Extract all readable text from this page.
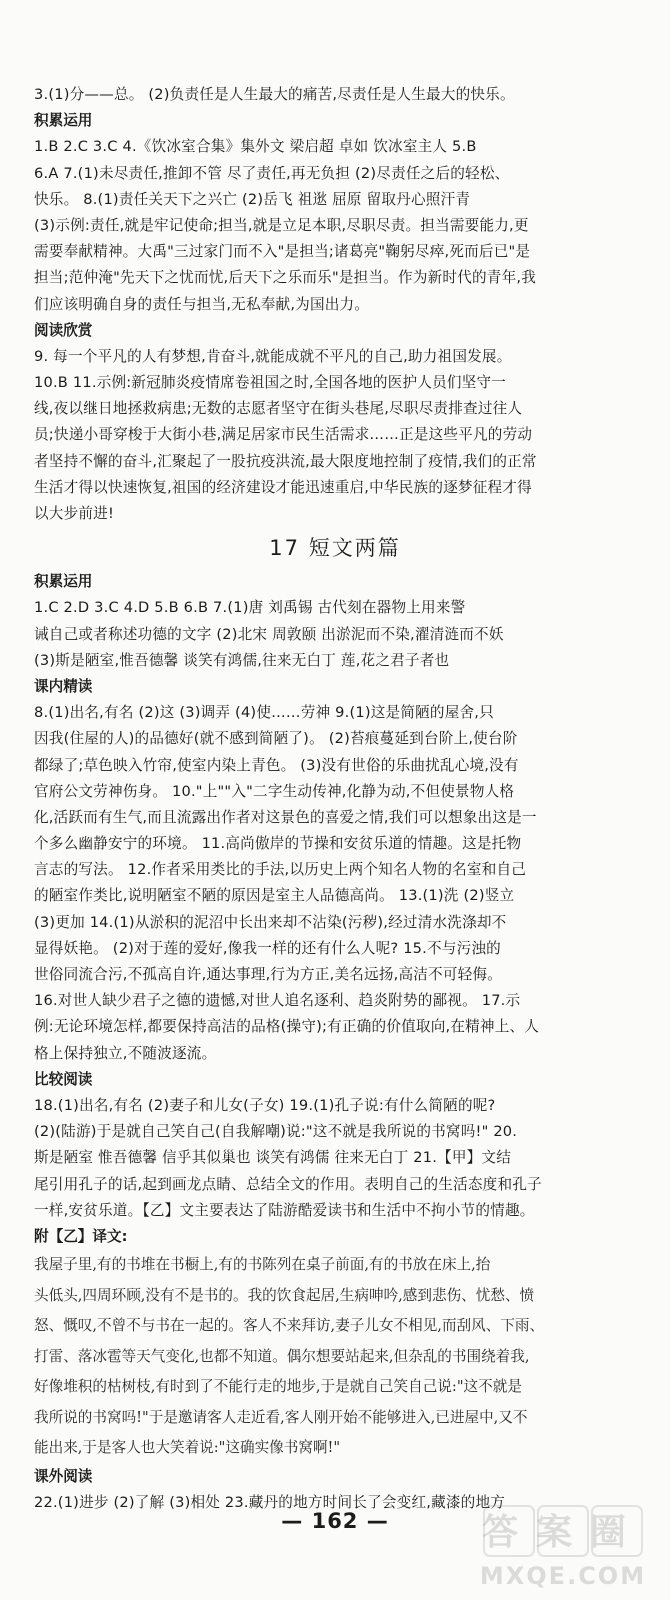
3.(1)分——总。 (2)负责任是人生最大的痛苦,尽责任是人生最大的快乐。
积累运用
1.B 2.C 3.C 4.《饮冰室合集》集外文 梁启超 卓如 饮冰室主人 5.B
6.A 7.(1)未尽责任,推卸不管 尽了责任,再无负担 (2)尽责任之后的轻松、
快乐。 8.(1)责任关天下之兴亡 (2)岳飞 祖逖 屈原 留取丹心照汗青
(3)示例:责任,就是牢记使命;担当,就是立足本职,尽职尽责。担当需要能力,更
需要奉献精神。大禹"三过家门而不入"是担当;诸葛亮"鞠躬尽瘁,死而后已"是
担当;范仲淹"先天下之忧而忧,后天下之乐而乐"是担当。作为新时代的青年,我
们应该明确自身的责任与担当,无私奉献,为国出力。
阅读欣赏
9. 每一个平凡的人有梦想,肯奋斗,就能成就不平凡的自己,助力祖国发展。
10.B 11.示例:新冠肺炎疫情席卷祖国之时,全国各地的医护人员们坚守一
线,夜以继日地拯救病患;无数的志愿者坚守在街头巷尾,尽职尽责排查过往人
员;快递小哥穿梭于大街小巷,满足居家市民生活需求……正是这些平凡的劳动
者坚持不懈的奋斗,汇聚起了一股抗疫洪流,最大限度地控制了疫情,我们的正常
生活才得以快速恢复,祖国的经济建设才能迅速重启,中华民族的逐梦征程才得
以大步前进!
17 短文两篇
积累运用
1.C 2.D 3.C 4.D 5.B 6.B 7.(1)唐 刘禹锡 古代刻在器物上用来警
诫自己或者称述功德的文字 (2)北宋 周敦颐 出淤泥而不染,濯清涟而不妖
(3)斯是陋室,惟吾德馨 谈笑有鸿儒,往来无白丁 莲,花之君子者也
课内精读
8.(1)出名,有名 (2)这 (3)调弄 (4)使……劳神 9.(1)这是简陋的屋舍,只
因我(住屋的人)的品德好(就不感到简陋了)。 (2)苔痕蔓延到台阶上,使台阶
都绿了;草色映入竹帘,使室内染上青色。 (3)没有世俗的乐曲扰乱心境,没有
官府公文劳神伤身。 10."上""入"二字生动传神,化静为动,不但使景物人格
化,活跃而有生气,而且流露出作者对这景色的喜爱之情,我们可以想象出这是一
个多么幽静安宁的环境。 11.高尚傲岸的节操和安贫乐道的情趣。这是托物
言志的写法。 12.作者采用类比的手法,以历史上两个知名人物的名室和自己
的陋室作类比,说明陋室不陋的原因是室主人品德高尚。 13.(1)洗 (2)竖立
(3)更加 14.(1)从淤积的泥沼中长出来却不沾染(污秽),经过清水洗涤却不
显得妖艳。 (2)对于莲的爱好,像我一样的还有什么人呢? 15.不与污浊的
世俗同流合污,不孤高自许,通达事理,行为方正,美名远扬,高洁不可轻侮。
16.对世人缺少君子之德的遗憾,对世人追名逐利、趋炎附势的鄙视。 17.示
例:无论环境怎样,都要保持高洁的品格(操守);有正确的价值取向,在精神上、人
格上保持独立,不随波逐流。
比较阅读
18.(1)出名,有名 (2)妻子和儿女(子女) 19.(1)孔子说:有什么简陋的呢?
(2)(陆游)于是就自己笑自己(自我解嘲)说:"这不就是我所说的书窝吗!" 20.
斯是陋室 惟吾德馨 信乎其似巢也 谈笑有鸿儒 往来无白丁 21.【甲】文结
尾引用孔子的话,起到画龙点睛、总结全文的作用。表明自己的生活态度和孔子
一样,安贫乐道。【乙】文主要表达了陆游酷爱读书和生活中不拘小节的情趣。
附【乙】译文:
我屋子里,有的书堆在书橱上,有的书陈列在桌子前面,有的书放在床上,抬
头低头,四周环顾,没有不是书的。我的饮食起居,生病呻吟,感到悲伤、忧愁、愤
怒、慨叹,不曾不与书在一起的。客人不来拜访,妻子儿女不相见,而刮风、下雨、
打雷、落冰雹等天气变化,也都不知道。偶尔想要站起来,但杂乱的书围绕着我,
好像堆积的枯树枝,有时到了不能行走的地步,于是就自己笑自己说:"这不就是
我所说的书窝吗!"于是邀请客人走近看,客人刚开始不能够进入,已进屋中,又不
能出来,于是客人也大笑着说:"这确实像书窝啊!"
课外阅读
22.(1)进步 (2)了解 (3)相处 23.藏丹的地方时间长了会变红,藏漆的地方
— 162 —	答案圈
MXQE.COM
